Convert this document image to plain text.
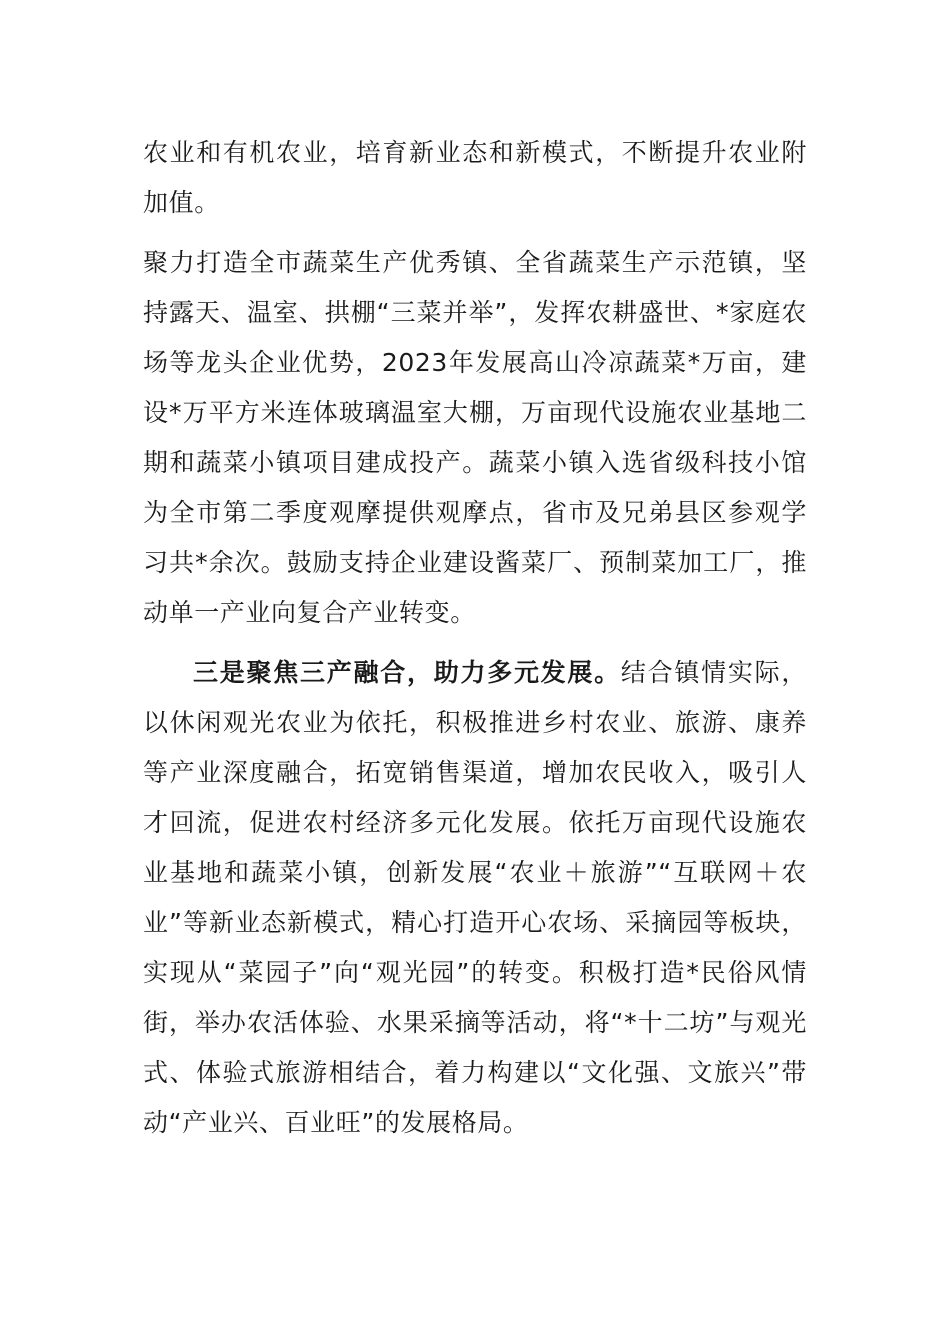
农业和有机农业，培育新业态和新模式，不断提升农业附加值。

聚力打造全市蔬菜生产优秀镇、全省蔬菜生产示范镇，坚持露天、温室、拱棚“三菜并举”，发挥农耕盛世、*家庭农场等龙头企业优势，2023年发展高山冷凉蔬菜*万亩，建设*万平方米连体玻璃温室大棚，万亩现代设施农业基地二期和蔬菜小镇项目建成投产。蔬菜小镇入选省级科技小馆为全市第二季度观摩提供观摩点，省市及兄弟县区参观学习共*余次。鼓励支持企业建设酱菜厂、预制菜加工厂，推动单一产业向复合产业转变。

三是聚焦三产融合，助力多元发展。结合镇情实际，以休闲观光农业为依托，积极推进乡村农业、旅游、康养等产业深度融合，拓宽销售渠道，增加农民收入，吸引人才回流，促进农村经济多元化发展。依托万亩现代设施农业基地和蔬菜小镇，创新发展“农业＋旅游”“互联网＋农业”等新业态新模式，精心打造开心农场、采摘园等板块，实现从“菜园子”向“观光园”的转变。积极打造*民俗风情街，举办农活体验、水果采摘等活动，将“*十二坊”与观光式、体验式旅游相结合，着力构建以“文化强、文旅兴”带动“产业兴、百业旺”的发展格局。
